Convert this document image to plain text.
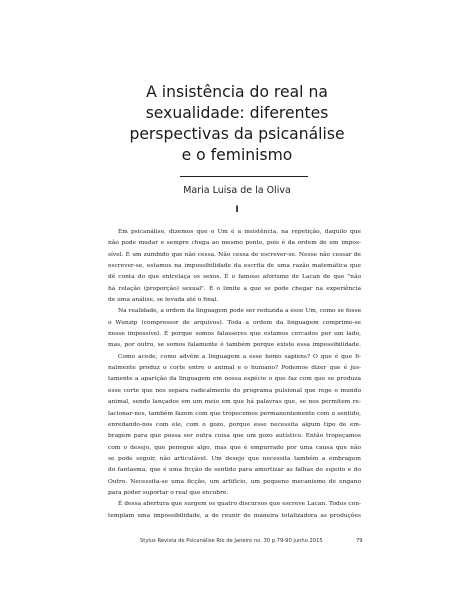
A insistência do real na
sexualidade: diferentes
perspectivas da psicanálise
e o feminismo
Maria Luisa de la Oliva
I
Em psicanálise, dizemos que o Um é a insistência, na repetição, daquilo que
não pode mudar e sempre chega ao mesmo ponto, pois é da ordem de um impos-
sível. É um zumbido que não cessa. Não cessa de escrever-se. Nesse não cessar de
escrever-se, estamos na impossibilidade da escrita de uma razão matemática que
dê conta do que entrelaça os sexos. É o famoso aforismo de Lacan de que "não
há relação (proporção) sexual". É o limite a que se pode chegar na experiência
de uma análise, se levada até o final.
Na realidade, a ordem da linguagem pode ser reduzida a esse Um, como se fosse
o Wunzip (compressor de arquivos). Toda a ordem da linguagem comprime-se
nesse impossível. É porque somos falasseres que estamos cercados por um lado,
mas, por outro, se somos falamente é também porque existe essa impossibilidade.
Como acede, como advém a linguagem a esse homo sapiens? O que é que fi-
nalmente produz o corte entre o animal e o humano? Podemos dizer que é jus-
tamente a aparição da linguagem em nossa espécie o que faz com que se produza
esse corte que nos separa radicalmente do programa pulsional que rege o mundo
animal, sendo lançados em um meio em que há palavras que, se nos permitem re-
lacionar-nos, também fazem com que tropecemos permanentemente com o sentido,
enredando-nos com ele, com o gozo, porque esse necessita algum tipo de em-
bragem para que possa ser outra coisa que um gozo autístico. Então tropeçamos
com o desejo, que penegue algo, mas que é empurrado por uma causa que não
se pode seguir, não articulável. Um desejo que necessita também a embragem
do fantasma, que é uma ficção de sentido para amortizar as falhas do sujeito e do
Outro. Necessita-se uma ficção, um artifício, um pequeno mecanismo de engano
para poder suportar o real que encobre.
É dessa abertura que surgem os quatro discursos que escreve Lacan. Todos con-
templam uma impossibilidade, a de reunir de maneira totalizadora as produções
Stylus Revista de Psicanálise Rio de Janeiro no. 30 p.79-90 junho 2015	79
